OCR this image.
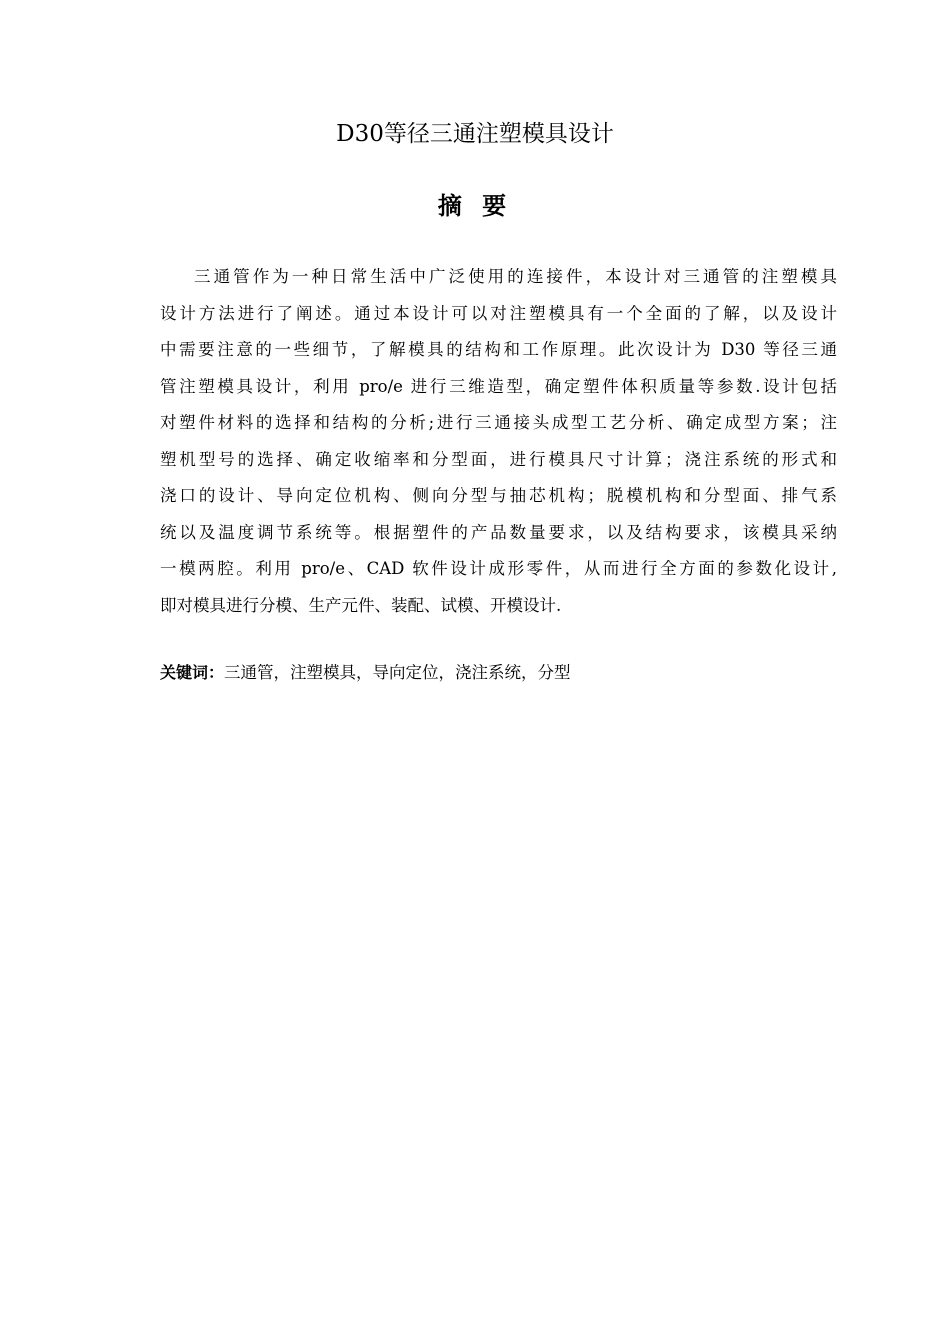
D30等径三通注塑模具设计
摘 要
三通管作为一种日常生活中广泛使用的连接件，本设计对三通管的注塑模具
设计方法进行了阐述。通过本设计可以对注塑模具有一个全面的了解，以及设计
中需要注意的一些细节，了解模具的结构和工作原理。此次设计为 D30 等径三通
管注塑模具设计，利用 pro/e 进行三维造型，确定塑件体积质量等参数.设计包括
对塑件材料的选择和结构的分析;进行三通接头成型工艺分析、确定成型方案；注
塑机型号的选择、确定收缩率和分型面，进行模具尺寸计算；浇注系统的形式和
浇口的设计、导向定位机构、侧向分型与抽芯机构；脱模机构和分型面、排气系
统以及温度调节系统等。根据塑件的产品数量要求，以及结构要求，该模具采纳
一模两腔。利用 pro/e、CAD 软件设计成形零件，从而进行全方面的参数化设计,
即对模具进行分模、生产元件、装配、试模、开模设计.

关键词：三通管，注塑模具，导向定位，浇注系统，分型
